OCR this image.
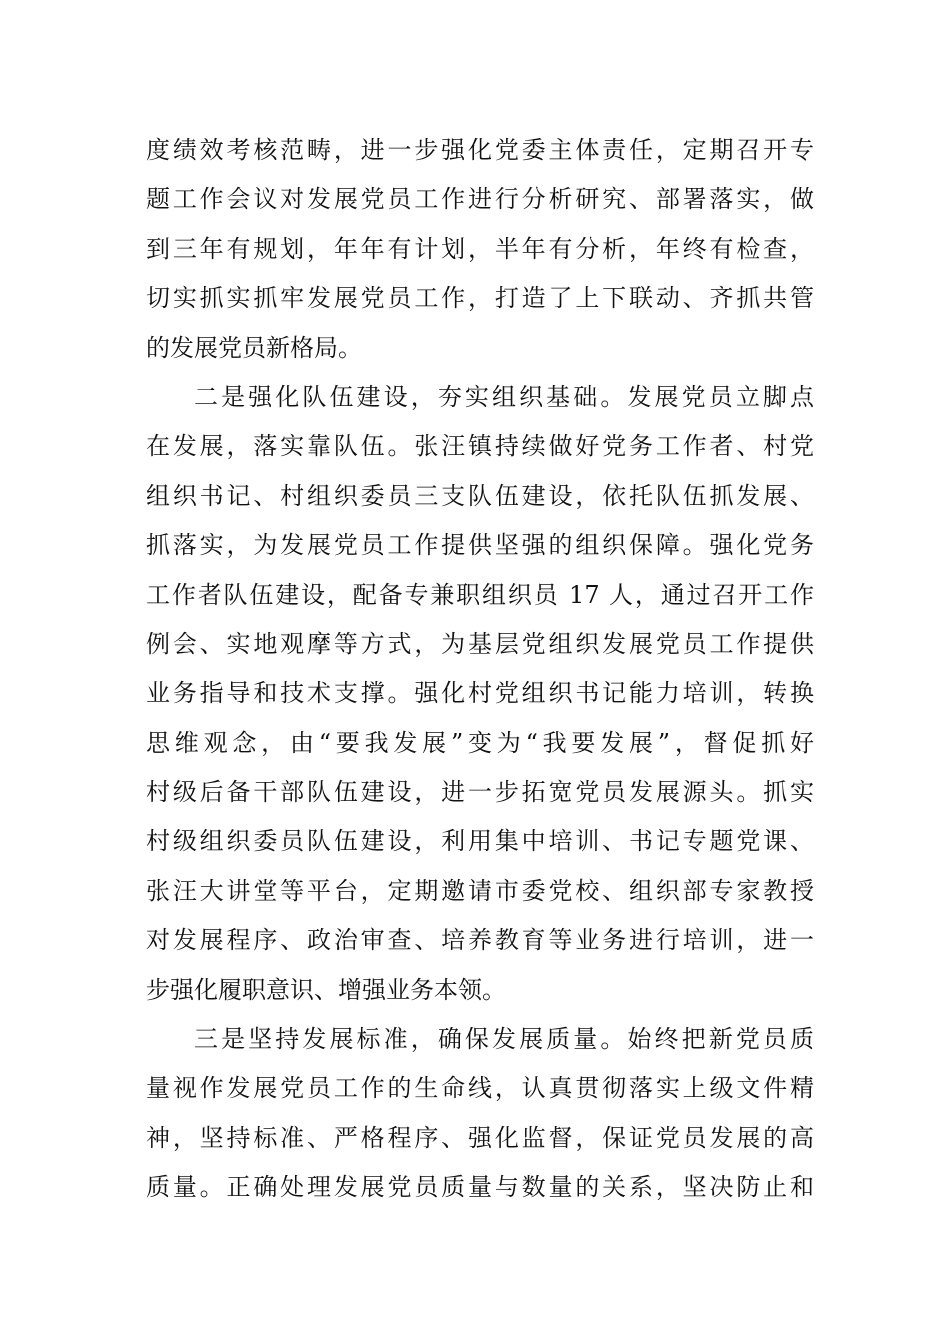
度绩效考核范畴，进一步强化党委主体责任，定期召开专
题工作会议对发展党员工作进行分析研究、部署落实，做
到三年有规划，年年有计划，半年有分析，年终有检查，
切实抓实抓牢发展党员工作，打造了上下联动、齐抓共管
的发展党员新格局。
二是强化队伍建设，夯实组织基础。发展党员立脚点
在发展，落实靠队伍。张汪镇持续做好党务工作者、村党
组织书记、村组织委员三支队伍建设，依托队伍抓发展、
抓落实，为发展党员工作提供坚强的组织保障。强化党务
工作者队伍建设，配备专兼职组织员 17 人，通过召开工作
例会、实地观摩等方式，为基层党组织发展党员工作提供
业务指导和技术支撑。强化村党组织书记能力培训，转换
思维观念，由“要我发展”变为“我要发展”，督促抓好
村级后备干部队伍建设，进一步拓宽党员发展源头。抓实
村级组织委员队伍建设，利用集中培训、书记专题党课、
张汪大讲堂等平台，定期邀请市委党校、组织部专家教授
对发展程序、政治审查、培养教育等业务进行培训，进一
步强化履职意识、增强业务本领。
三是坚持发展标准，确保发展质量。始终把新党员质
量视作发展党员工作的生命线，认真贯彻落实上级文件精
神，坚持标准、严格程序、强化监督，保证党员发展的高
质量。正确处理发展党员质量与数量的关系，坚决防止和
